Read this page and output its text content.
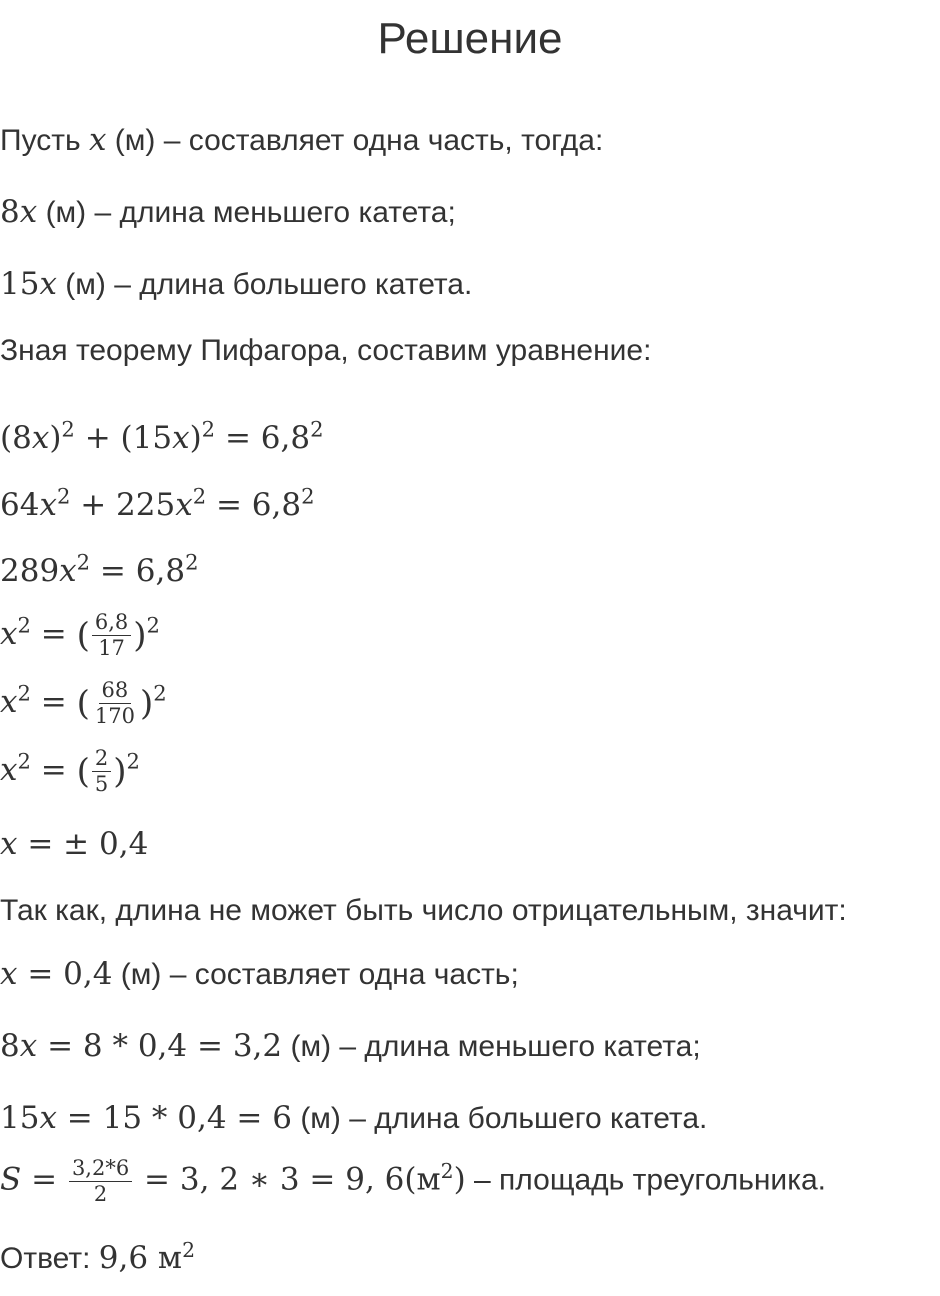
Решение
Пусть x (м) – составляет одна часть, тогда:
8x (м) – длина меньшего катета;
15x (м) – длина большего катета.
Зная теорему Пифагора, составим уравнение:
$(8x)^2 + (15x)^2 = 6,8^2$
$64x^2 + 225x^2 = 6,8^2$
$289x^2 = 6,8^2$
$x^2$ = ( $\frac{6,8}{17} )^2$
$x^2$ = ( $\frac{68}{170} )^2$
$x^2$ = ( $\frac{2}{5} )^2$
x = ± 0,4
Так как, длина не может быть число отрицательным, значит:
x = 0,4 (м) – составляет одна часть;
8x = 8 * 0,4 = 3,2 (м) – длина меньшего катета;
15x = 15 * 0,4 = 6 (м) – длина большего катета.
$S = \frac{3,2*6}{2} = 3$, 2 ∗ 3 = 9, $6(м^2)$ – площадь треугольника.
Ответ: 9,6 $м^2$
